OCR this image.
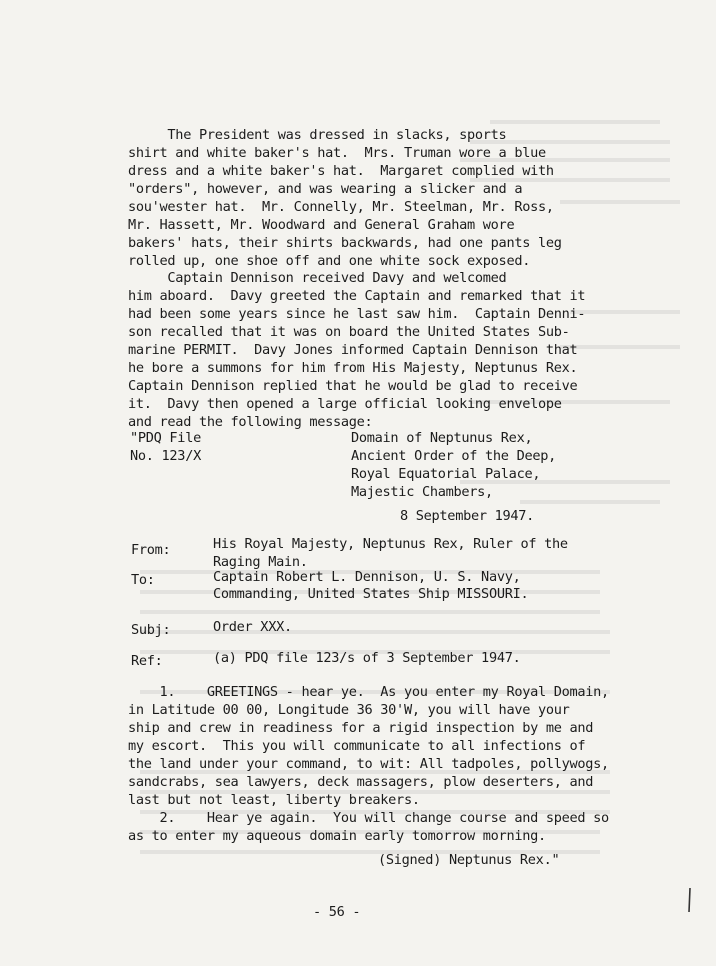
The President was dressed in slacks, sports
shirt and white baker's hat.  Mrs. Truman wore a blue
dress and a white baker's hat.  Margaret complied with
"orders", however, and was wearing a slicker and a
sou'wester hat.  Mr. Connelly, Mr. Steelman, Mr. Ross,
Mr. Hassett, Mr. Woodward and General Graham wore
bakers' hats, their shirts backwards, had one pants leg
rolled up, one shoe off and one white sock exposed.
Captain Dennison received Davy and welcomed
him aboard.  Davy greeted the Captain and remarked that it
had been some years since he last saw him.  Captain Denni-
son recalled that it was on board the United States Sub-
marine PERMIT.  Davy Jones informed Captain Dennison that
he bore a summons for him from His Majesty, Neptunus Rex.
Captain Dennison replied that he would be glad to receive
it.  Davy then opened a large official looking envelope
and read the following message:
"PDQ File
No. 123/X
Domain of Neptunus Rex,
Ancient Order of the Deep,
Royal Equatorial Palace,
Majestic Chambers,
8 September 1947.
From:	His Royal Majesty, Neptunus Rex, Ruler of the
Raging Main.
To:	Captain Robert L. Dennison, U. S. Navy,
Commanding, United States Ship MISSOURI.
Subj:	Order XXX.
Ref:	(a) PDQ file 123/s of 3 September 1947.
1.    GREETINGS - hear ye.  As you enter my Royal Domain,
in Latitude 00 00, Longitude 36 30'W, you will have your
ship and crew in readiness for a rigid inspection by me and
my escort.  This you will communicate to all infections of
the land under your command, to wit: All tadpoles, pollywogs,
sandcrabs, sea lawyers, deck massagers, plow deserters, and
last but not least, liberty breakers.
2.    Hear ye again.  You will change course and speed so
as to enter my aqueous domain early tomorrow morning.
(Signed) Neptunus Rex."
- 56 -
